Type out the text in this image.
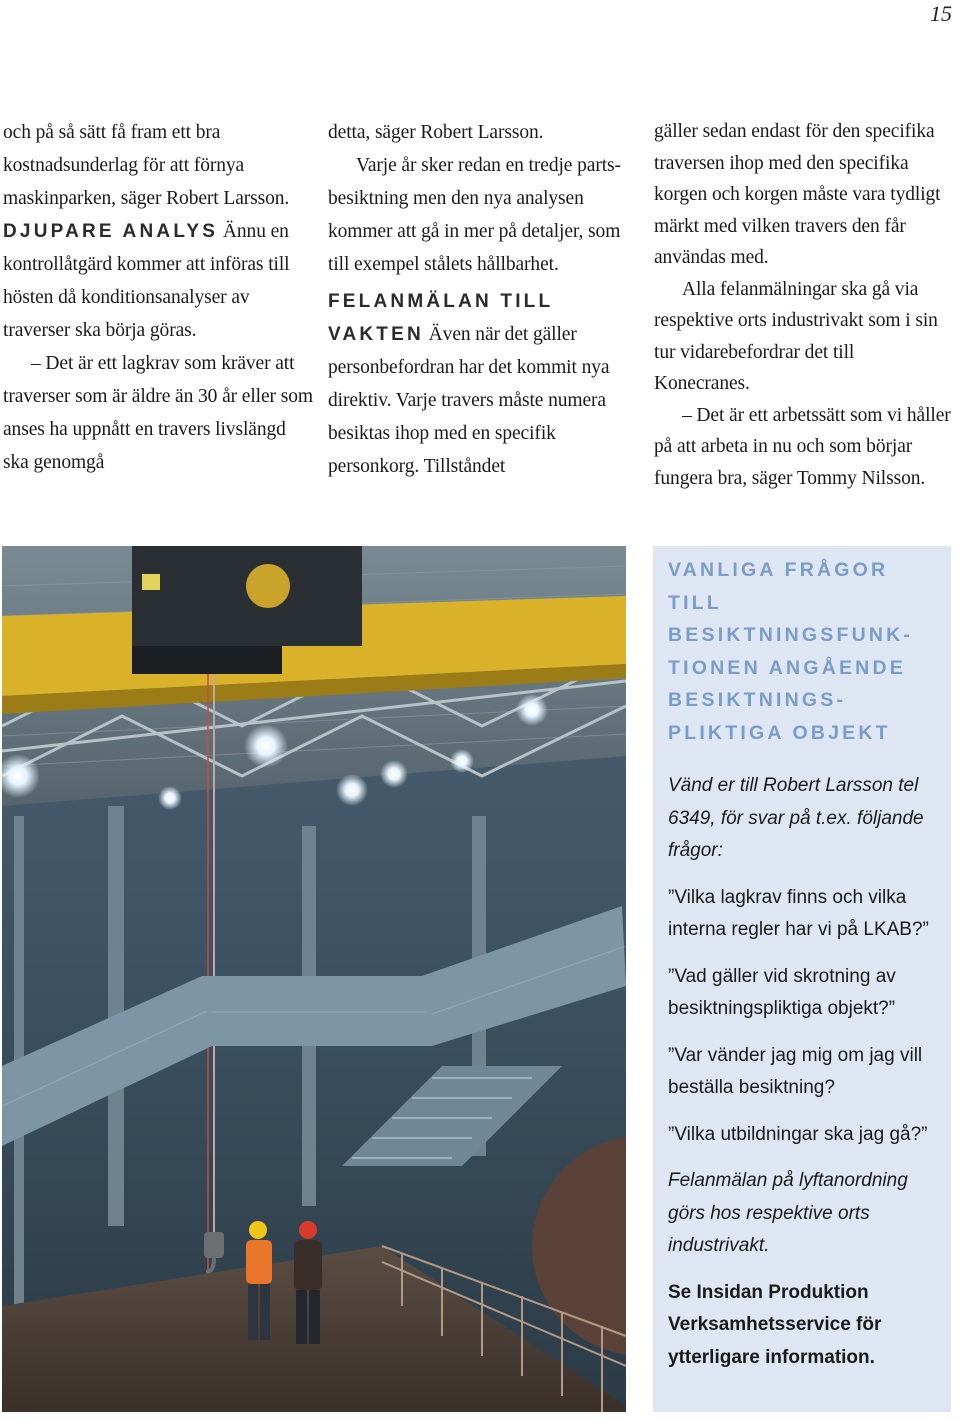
15

och på så sätt få fram ett bra kostnadsunderlag för att förnya maskinparken, säger Robert Larsson.

DJUPARE ANALYS Ännu en kontrollåtgärd kommer att införas till hösten då konditionsanalyser av traverser ska börja göras.

– Det är ett lagkrav som kräver att traverser som är äldre än 30 år eller som anses ha uppnått en travers livslängd ska genomgå

detta, säger Robert Larsson.

Varje år sker redan en tredje parts-besiktning men den nya analysen kommer att gå in mer på detaljer, som till exempel stålets hållbarhet.

FELANMÄLAN TILL VAKTEN Även när det gäller personbefordran har det kommit nya direktiv. Varje travers måste numera besiktas ihop med en specifik personkorg. Tillståndet

gäller sedan endast för den specifika traversen ihop med den specifika korgen och korgen måste vara tydligt märkt med vilken travers den får användas med.

Alla felanmälningar ska gå via respektive orts industrivakt som i sin tur vidarebefordrar det till Konecranes.

– Det är ett arbetssätt som vi håller på att arbeta in nu och som börjar fungera bra, säger Tommy Nilsson.

VANLIGA FRÅGOR TILL BESIKTNINGSFUNKTIONEN ANGÅENDE BESIKTNINGSPLIKTIGA OBJEKT

Vänd er till Robert Larsson tel 6349, för svar på t.ex. följande frågor:

”Vilka lagkrav finns och vilka interna regler har vi på LKAB?”

”Vad gäller vid skrotning av besiktningspliktiga objekt?”

”Var vänder jag mig om jag vill beställa besiktning?

”Vilka utbildningar ska jag gå?”

Felanmälan på lyftanordning görs hos respektive orts industrivakt.

Se Insidan Produktion Verksamhetsservice för ytterligare information.
